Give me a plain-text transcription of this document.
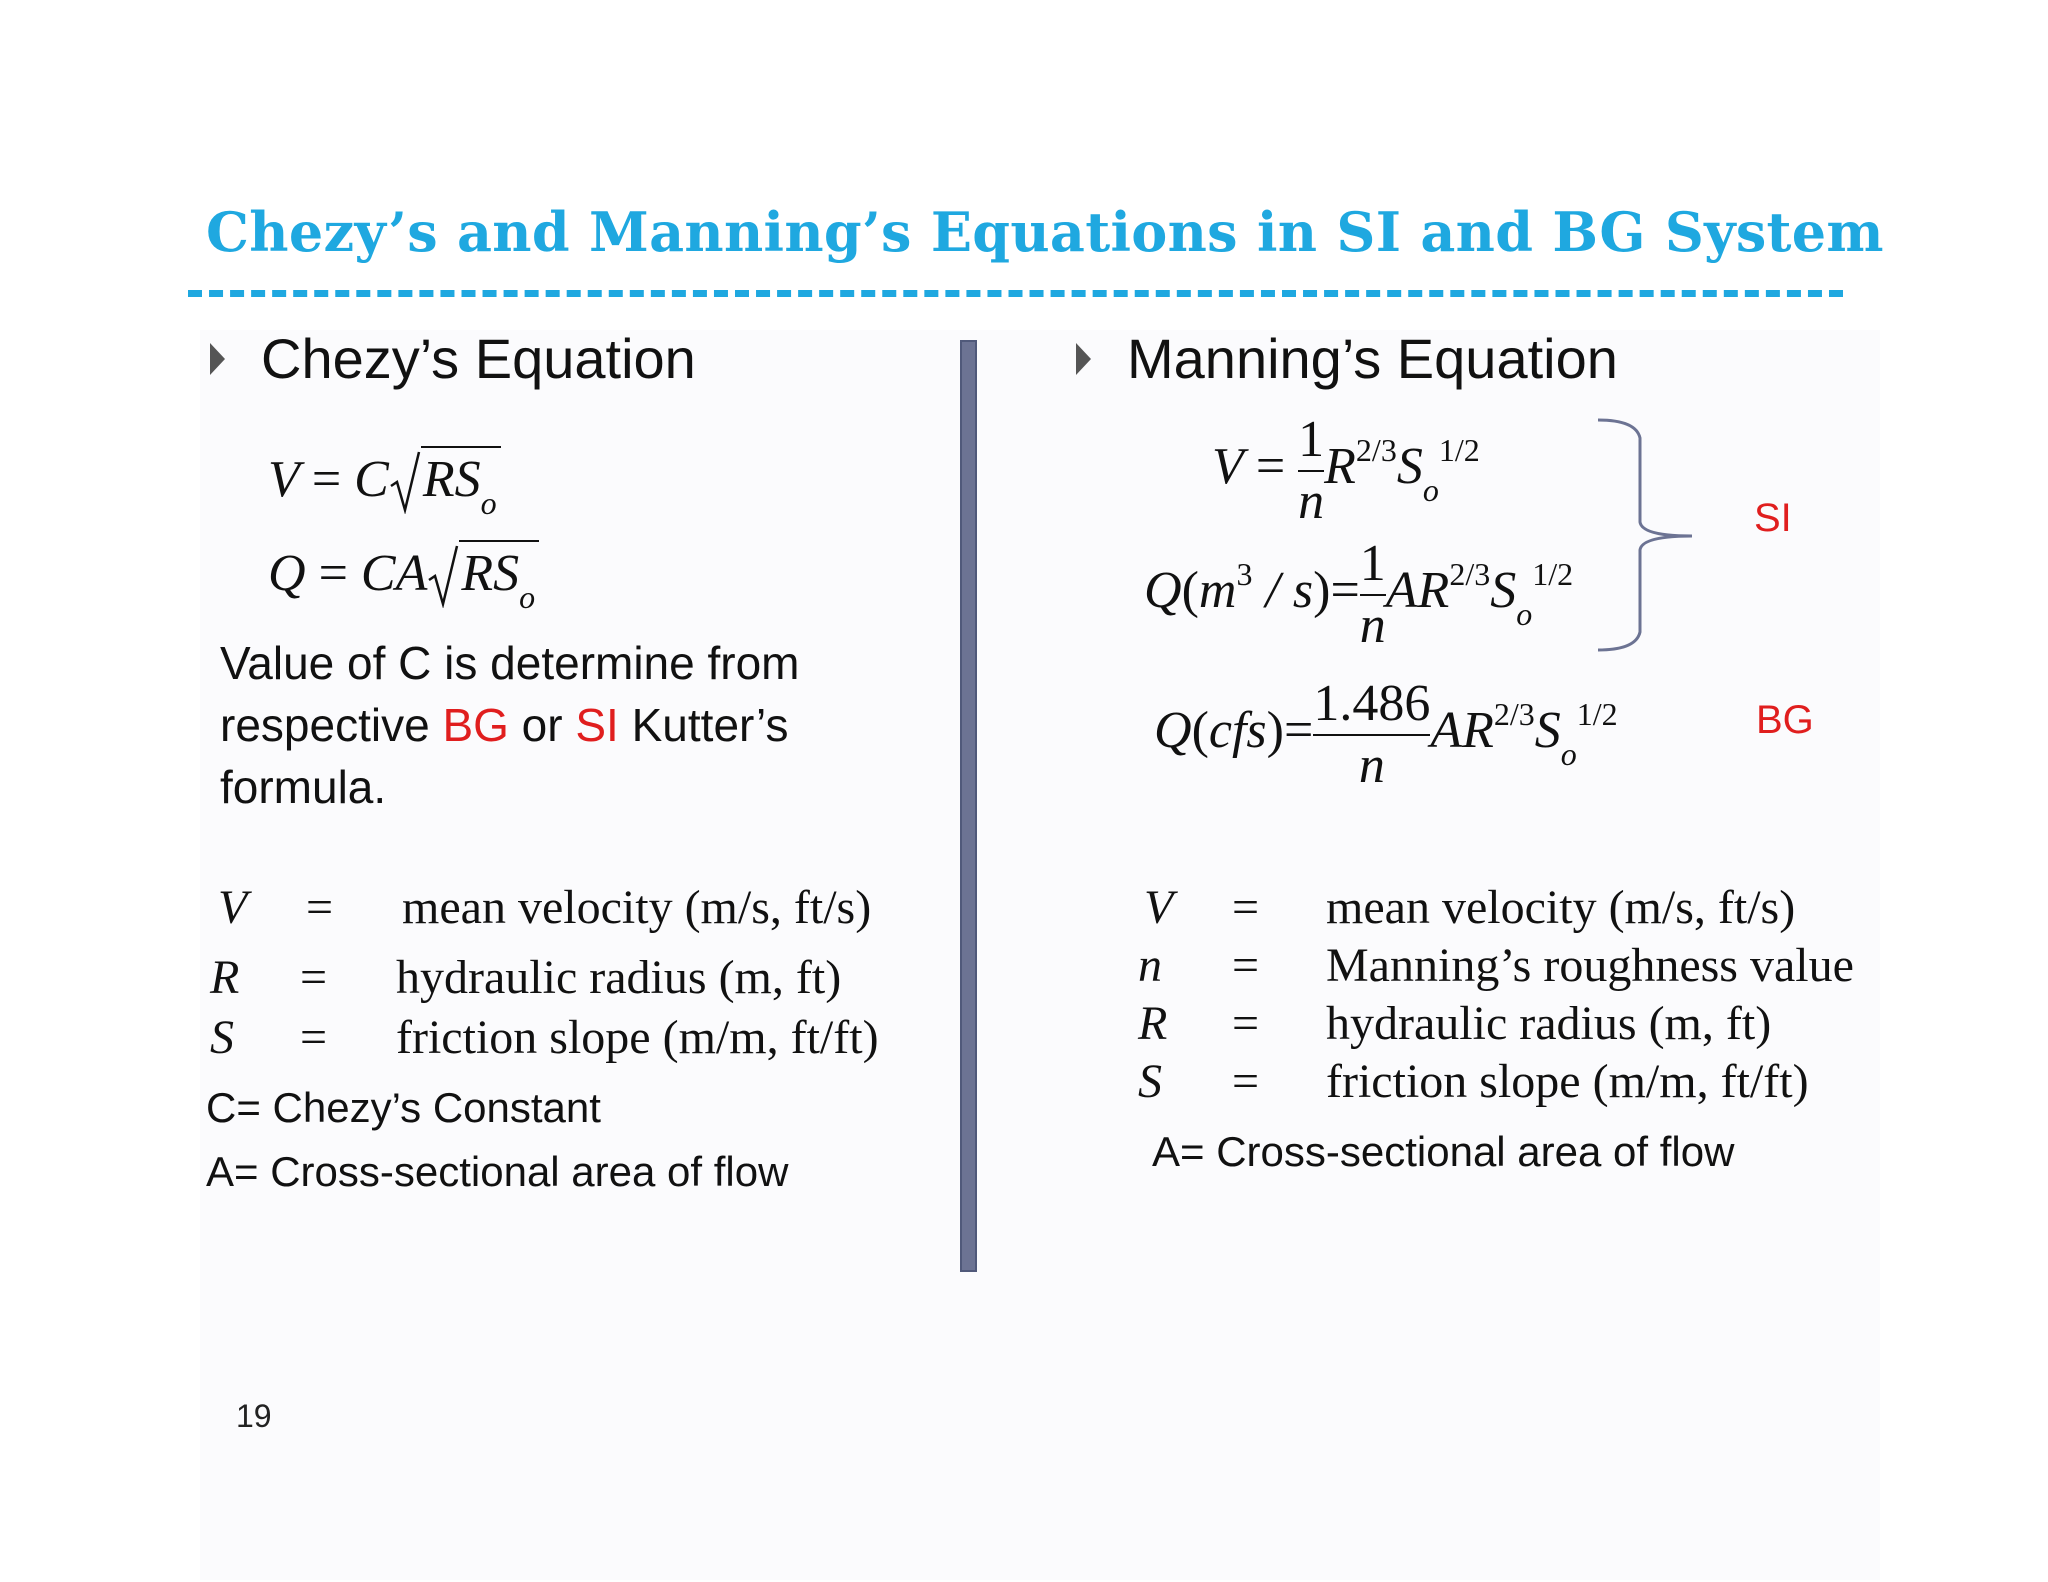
Chezy’s and Manning’s Equations in SI and BG System
Chezy’s Equation
V = C $RS_o$
Q = CA $RS_o$
Value of C is determine from respective BG or SI Kutter’s formula.
V = mean velocity (m/s, ft/s)
R = hydraulic radius (m, ft)
S = friction slope (m/m, ft/ft)
C= Chezy’s Constant
A= Cross-sectional area of flow
Manning’s Equation
$V = \frac{1}{n} R^{2/3}S_o^{1/2}$
$Q(m^3 / s)= \frac{1}{n} AR^{2/3}S_o^{1/2}$
SI
$Q(cfs)= \frac{1.486}{n} AR^{2/3}S_o^{1/2}$	BG
V = mean velocity (m/s, ft/s)
n = Manning’s roughness value
R = hydraulic radius (m, ft)
S = friction slope (m/m, ft/ft)
A= Cross-sectional area of flow
19
